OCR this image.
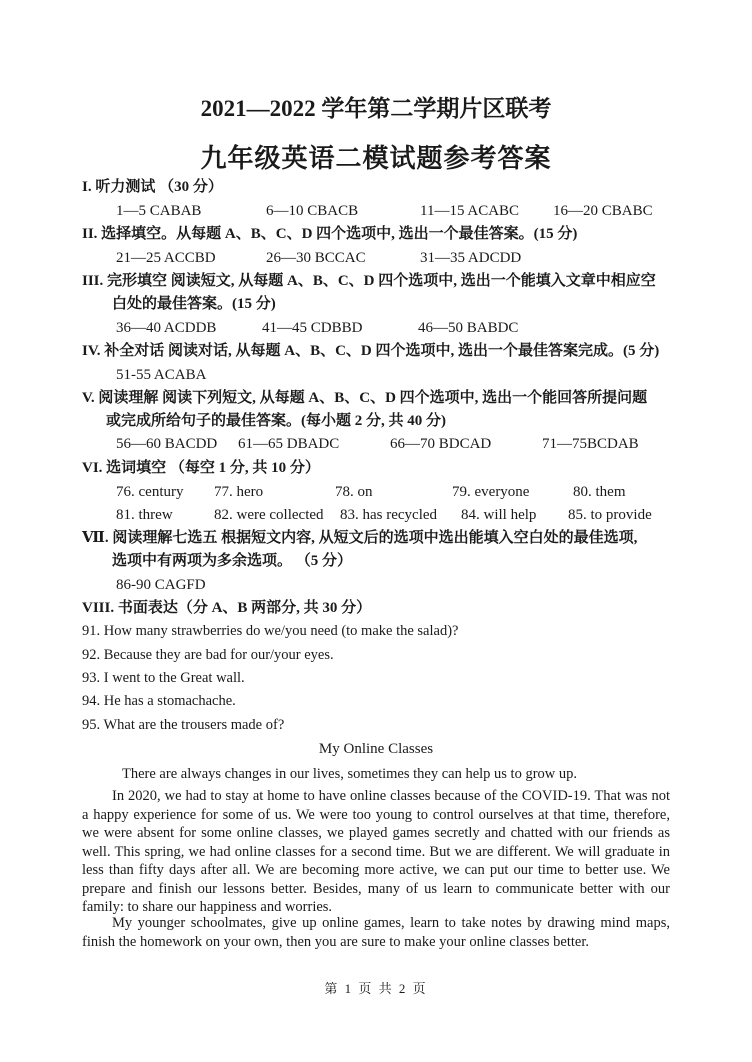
2021—2022 学年第二学期片区联考
九年级英语二模试题参考答案
I. 听力测试 （30 分）
1—5 CABAB	6—10 CBACB	11—15 ACABC 16—20 CBABC
II. 选择填空。从每题 A、B、C、D 四个选项中, 选出一个最佳答案。(15 分)
21—25 ACCBD	26—30 BCCAC	31—35 ADCDD
III. 完形填空 阅读短文, 从每题 A、B、C、D 四个选项中, 选出一个能填入文章中相应空
白处的最佳答案。(15 分)
36—40 ACDDB	41—45 CDBBD	46—50 BABDC
IV. 补全对话 阅读对话, 从每题 A、B、C、D 四个选项中, 选出一个最佳答案完成。(5 分)
51-55 ACABA
V. 阅读理解 阅读下列短文, 从每题 A、B、C、D 四个选项中, 选出一个能回答所提问题
或完成所给句子的最佳答案。(每小题 2 分, 共 40 分)
56—60 BACDD 61—65 DBADC	66—70 BDCAD	71—75BCDAB
VI. 选词填空 （每空 1 分, 共 10 分）
76. century 77. hero	78. on	79. everyone	80. them
81. threw	82. were collected 83. has recycled 84. will help 85. to provide
Ⅶ. 阅读理解七选五 根据短文内容, 从短文后的选项中选出能填入空白处的最佳选项,
选项中有两项为多余选项。 （5 分）
86-90 CAGFD
VIII. 书面表达（分 A、B 两部分, 共 30 分）
91. How many strawberries do we/you need (to make the salad)?
92. Because they are bad for our/your eyes.
93. I went to the Great wall.
94. He has a stomachache.
95. What are the trousers made of?
My Online Classes
There are always changes in our lives, sometimes they can help us to grow up.
In 2020, we had to stay at home to have online classes because of the COVID-19. That was not a happy experience for some of us. We were too young to control ourselves at that time, therefore, we were absent for some online classes, we played games secretly and chatted with our friends as well. This spring, we had online classes for a second time. But we are different. We will graduate in less than fifty days after all. We are becoming more active, we can put our time to better use. We prepare and finish our lessons better. Besides, many of us learn to communicate better with our family: to share our happiness and worries.
My younger schoolmates, give up online games, learn to take notes by drawing mind maps, finish the homework on your own, then you are sure to make your online classes better.
第 1 页 共 2 页
